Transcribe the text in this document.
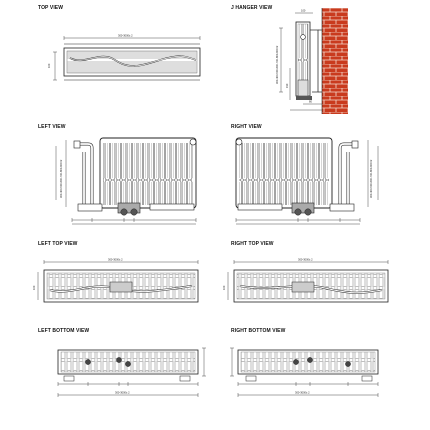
TOP VIEW	J HANGER VIEW
LEFT VIEW	RIGHT VIEW
LEFT TOP VIEW	RIGHT TOP VIEW
LEFT BOTTOM VIEW	RIGHT BOTTOM VIEW
300-3000± 2
100
100
300-400-500-600-700-800-900±2
190
80
300-400-500-600-700-800-900±2	300-400-500-600-700-800-900±2
300-3000± 2
100
300-3000± 2
100
300-3000± 2	300-3000± 2
